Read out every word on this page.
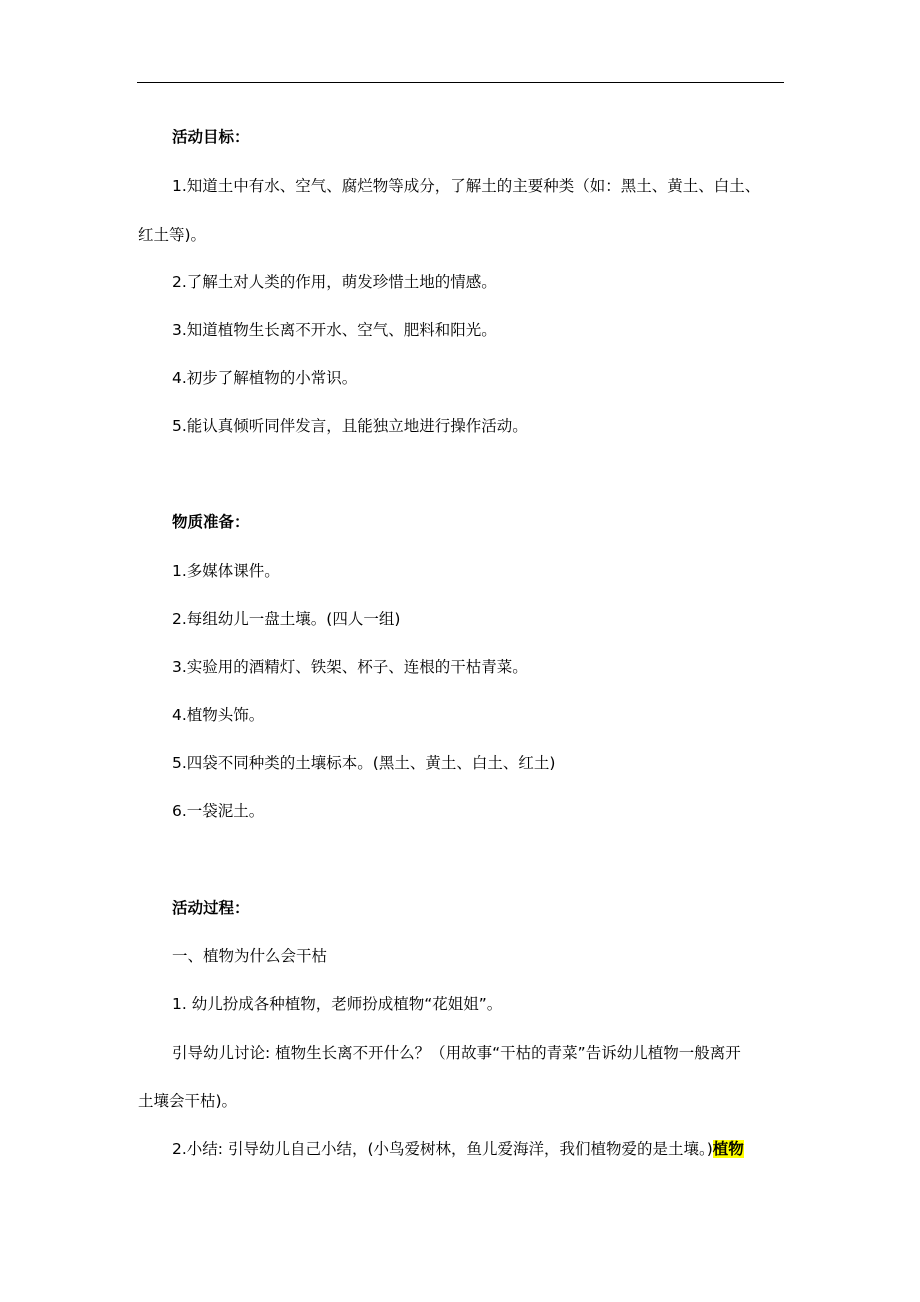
活动目标：
1.知道土中有水、空气、腐烂物等成分，了解土的主要种类（如：黑土、黄土、白土、
红土等)。
2.了解土对人类的作用，萌发珍惜土地的情感。
3.知道植物生长离不开水、空气、肥料和阳光。
4.初步了解植物的小常识。
5.能认真倾听同伴发言，且能独立地进行操作活动。
物质准备：
1.多媒体课件。
2.每组幼儿一盘土壤。(四人一组)
3.实验用的酒精灯、铁架、杯子、连根的干枯青菜。
4.植物头饰。
5.四袋不同种类的土壤标本。(黑土、黄土、白土、红土)
6.一袋泥土。
活动过程：
一、植物为什么会干枯
1. 幼儿扮成各种植物，老师扮成植物“花姐姐”。
引导幼儿讨论: 植物生长离不开什么？（用故事“干枯的青菜”告诉幼儿植物一般离开
土壤会干枯)。
2.小结: 引导幼儿自己小结，(小鸟爱树林，鱼儿爱海洋，我们植物爱的是土壤。)植物
